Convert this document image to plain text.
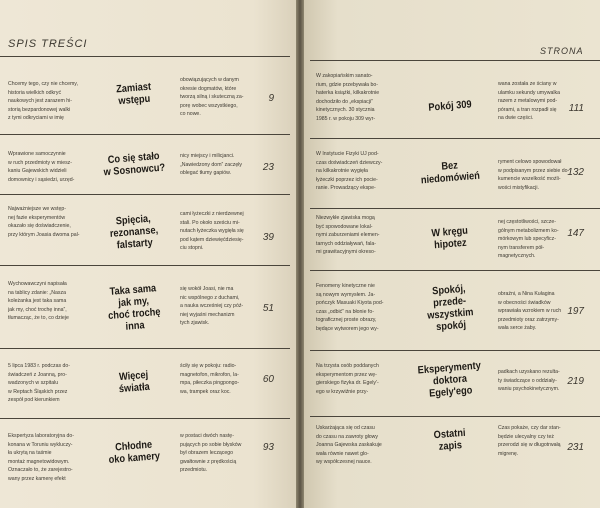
SPIS TREŚCI
Chcemy tego, czy nie chcemy,
historia wielkich odkryć
naukowych jest zarazem hi-
storią bezpardonowej walki
z tymi odkryciami w imię
Zamiast
wstępu
obowiązujących w danym
okresie dogmatów, które
tworzą silną i skuteczną za-
porę wobec wszystkiego,
co nowe.
9
Wprawione samoczynnie
w ruch przedmioty w miesz-
kaniu Gajewskich widzieli
domownicy i sąsiedzi, urzęd-
Co się stało
w Sosnowcu?
nicy miejscy i milicjanci.
„Nawiedzony dom” zaczęły
oblegać tłumy gapiów.
23
Najważniejsze we wstęp-
nej fazie eksperymentów
okazało się doświadczenie,
przy którym Joasia dwoma pal-
Spięcia,
rezonanse,
falstarty
cami łyżeczki z nierdzewnej
stali. Po około sześciu mi-
nutach łyżeczka wygięła się
pod kątem dziewięćdziesię-
ciu stopni.
39
Wychowawczyni napisała
na tablicy zdanie: „Nasza
koleżanka jest taka sama
jak my, choć trochę inna”,
tłumacząc, że to, co dzieje
Taka sama
jak my,
choć trochę
inna
się wokół Joasi, nie ma
nic wspólnego z duchami,
a nauka wcześniej czy póź-
niej wyjaśni mechanizm
tych zjawisk.
51
5 lipca 1983 r. podczas do-
świadczeń z Joanną, pro-
wadzonych w szpitalu
w Reptach Śląskich przez
zespół pod kierunkiem
Więcej
światła
ściły się w pokoju: radio-
magnetofon, mikrofon, la-
mpa, piłeczka pingpongo-
wa, trampek oraz koc.
60
Ekspertyza laboratoryjna do-
konana w Toruniu wykluczy-
ła ukrytą na taśmie
montaż magnetowidowym.
Oznaczało to, że zarejestro-
wany przez kamerę efekt
Chłodne
oko kamery
w postaci dwóch nastę-
pujących po sobie błysków
był obrazem leczącego
gwałtownie z prędkością
przedmiotu.
93
STRONA
W zakopiańskim sanato-
rium, gdzie przebywała bo-
haterka książki, kilkakrotnie
dochodziło do „ekspiacji”
kinetycznych. 30 stycznia
1985 r. w pokoju 309 wyr-
Pokój 309
wana została ze ściany w
ulamku sekundy umywalka
razem z metalowymi pod-
pórami, a tran rozpadł się
na dwie części.
111
W Instytucie Fizyki UJ pod-
czas doświadczeń dziewczy-
na kilkakrotnie wygięła
łyżeczki poprzez ich pocie-
ranie. Prowadzący ekspe-
Bez
niedomówień
ryment celowo spowodował
w podpisanym przez siebie do-
kumencie wszelkość możli-
wości mistyfikacji.
132
Niezwykłe zjawiska mogą
być spowodowane lokal-
nymi zaburzeniami elemen-
tarnych oddziaływań, fala-
mi grawitacyjnymi okreso-
W kręgu
hipotez
nej częstotliwości, szcze-
gólnym metabolizmem ko-
mórkowym lub specyficz-
nym transferem pół-
magnetycznych.
147
Fenomeny kinetyczne nie
są nowym wymysłem. Ja-
pończyk Masuaki Kiyota pod-
czas „odbić” na błonie fo-
tograficznej proste obrazy,
będące wytworem jego wy-
Spokój,
przede-
wszystkim
spokój
obraźni, a Nina Kułagina
w obecności świadków
wprawiała wzrokiem w ruch
przedmioty oraz zatrzymy-
wała serce żaby.
197
Na trzysta osób poddanych
eksperymentom przez wę-
gierskiego fizyka dr. Egely'-
ego w krzywiźnie przy-
Eksperymenty
doktora
Egely'ego
padkach uzyskano rezulta-
ty świadczące o oddziały-
waniu psychokinetycznym.
219
Uskarżająca się od czasu
do czasu na zawroty głowy
Joanna Gajewska zaskakuje
wała równie nawet glo-
wy współczesnej nauce.
Ostatni
zapis
Czas pokaże, czy dar stan-
będzie ulecyalny czy też
przerodzi się w długotrwałą
migrenę.
231
